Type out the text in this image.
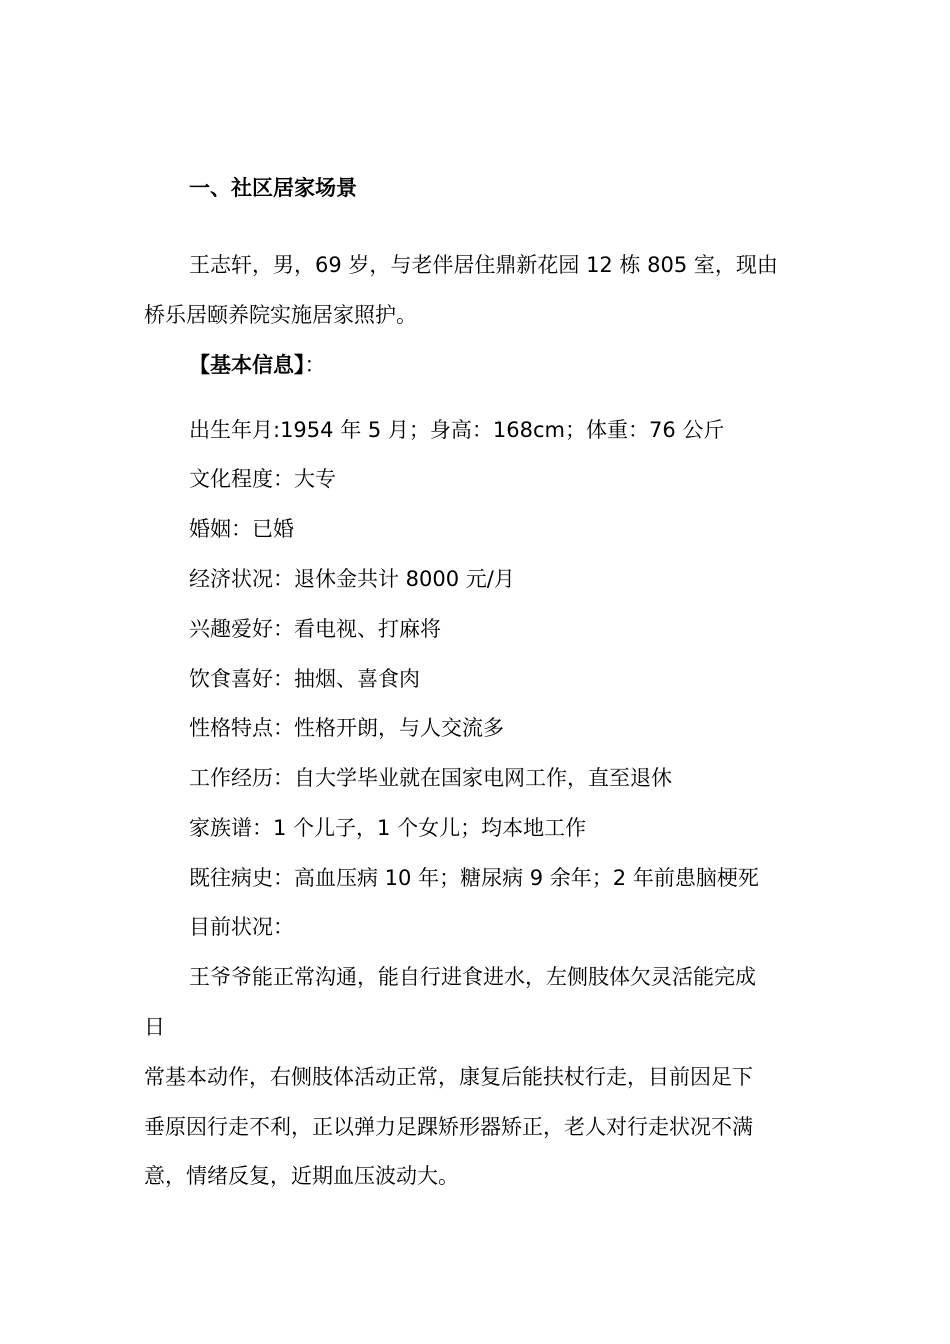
一、社区居家场景
王志轩，男，69 岁，与老伴居住鼎新花园 12 栋 805 室，现由
桥乐居颐养院实施居家照护。
【基本信息】：
出生年月:1954 年 5 月；身高：168cm；体重：76 公斤
文化程度：大专
婚姻：已婚
经济状况：退休金共计 8000 元/月
兴趣爱好：看电视、打麻将
饮食喜好：抽烟、喜食肉
性格特点：性格开朗，与人交流多
工作经历：自大学毕业就在国家电网工作，直至退休
家族谱：1 个儿子，1 个女儿；均本地工作
既往病史：高血压病 10 年；糖尿病 9 余年；2 年前患脑梗死
目前状况：
王爷爷能正常沟通，能自行进食进水，左侧肢体欠灵活能完成
日
常基本动作，右侧肢体活动正常，康复后能扶杖行走，目前因足下
垂原因行走不利，正以弹力足踝矫形器矫正，老人对行走状况不满
意，情绪反复，近期血压波动大。
